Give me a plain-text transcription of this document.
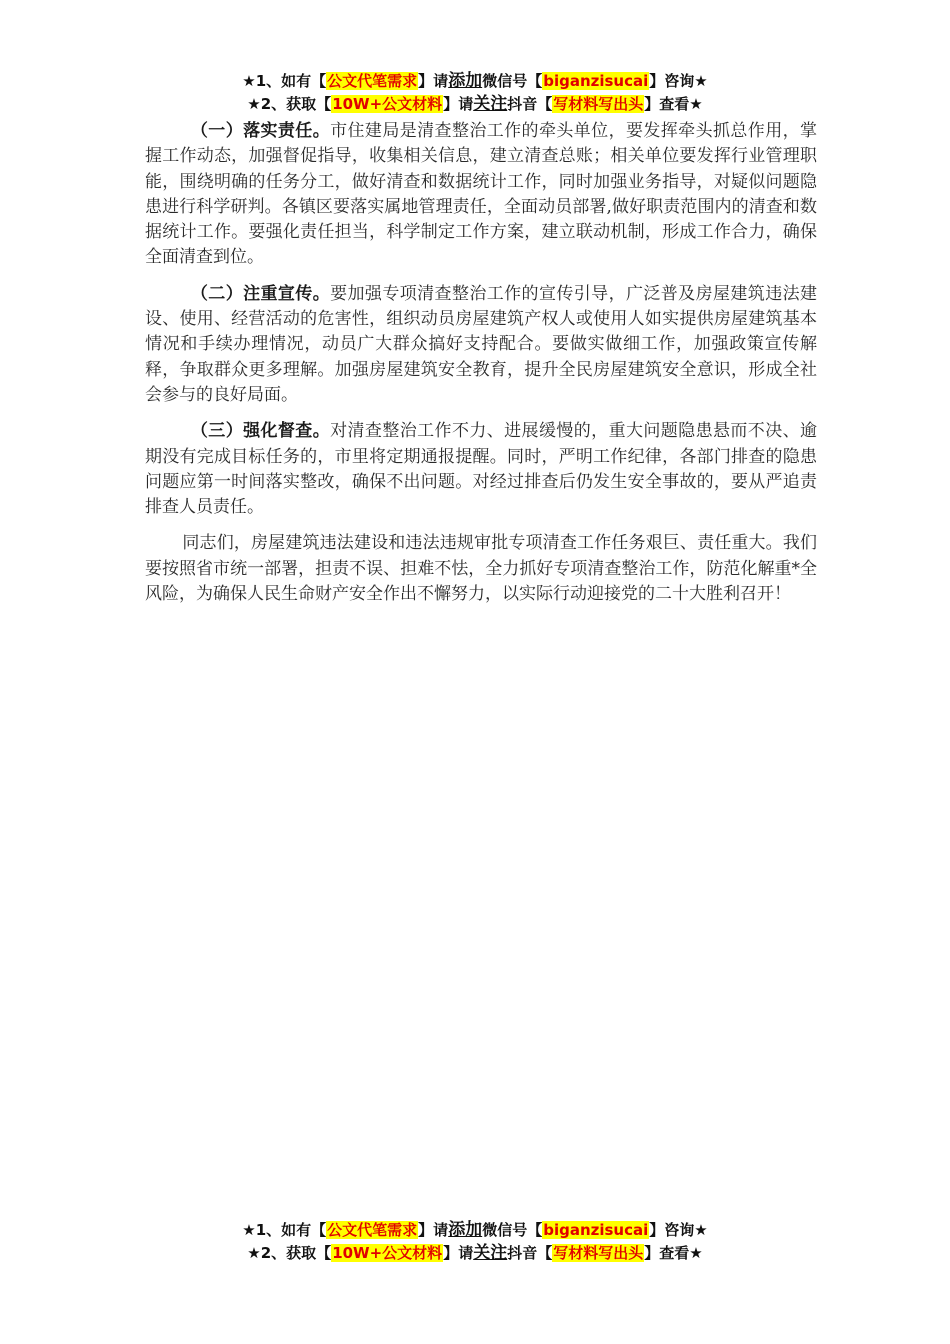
★1、如有【公文代笔需求】请添加微信号【biganzisucai】咨询★
★2、获取【10W+公文材料】请关注抖音【写材料写出头】查看★

（一）落实责任。市住建局是清查整治工作的牵头单位，要发挥牵头抓总作用，掌握工作动态，加强督促指导，收集相关信息，建立清查总账；相关单位要发挥行业管理职能，围绕明确的任务分工，做好清查和数据统计工作，同时加强业务指导，对疑似问题隐患进行科学研判。各镇区要落实属地管理责任，全面动员部署,做好职责范围内的清查和数据统计工作。要强化责任担当，科学制定工作方案，建立联动机制，形成工作合力，确保全面清查到位。

（二）注重宣传。要加强专项清查整治工作的宣传引导，广泛普及房屋建筑违法建设、使用、经营活动的危害性，组织动员房屋建筑产权人或使用人如实提供房屋建筑基本情况和手续办理情况，动员广大群众搞好支持配合。要做实做细工作，加强政策宣传解释，争取群众更多理解。加强房屋建筑安全教育，提升全民房屋建筑安全意识，形成全社会参与的良好局面。

（三）强化督查。对清查整治工作不力、进展缓慢的，重大问题隐患悬而不决、逾期没有完成目标任务的，市里将定期通报提醒。同时，严明工作纪律，各部门排查的隐患问题应第一时间落实整改，确保不出问题。对经过排查后仍发生安全事故的，要从严追责排查人员责任。

同志们，房屋建筑违法建设和违法违规审批专项清查工作任务艰巨、责任重大。我们要按照省市统一部署，担责不误、担难不怯，全力抓好专项清查整治工作，防范化解重*全风险，为确保人民生命财产安全作出不懈努力，以实际行动迎接党的二十大胜利召开！

★1、如有【公文代笔需求】请添加微信号【biganzisucai】咨询★
★2、获取【10W+公文材料】请关注抖音【写材料写出头】查看★
